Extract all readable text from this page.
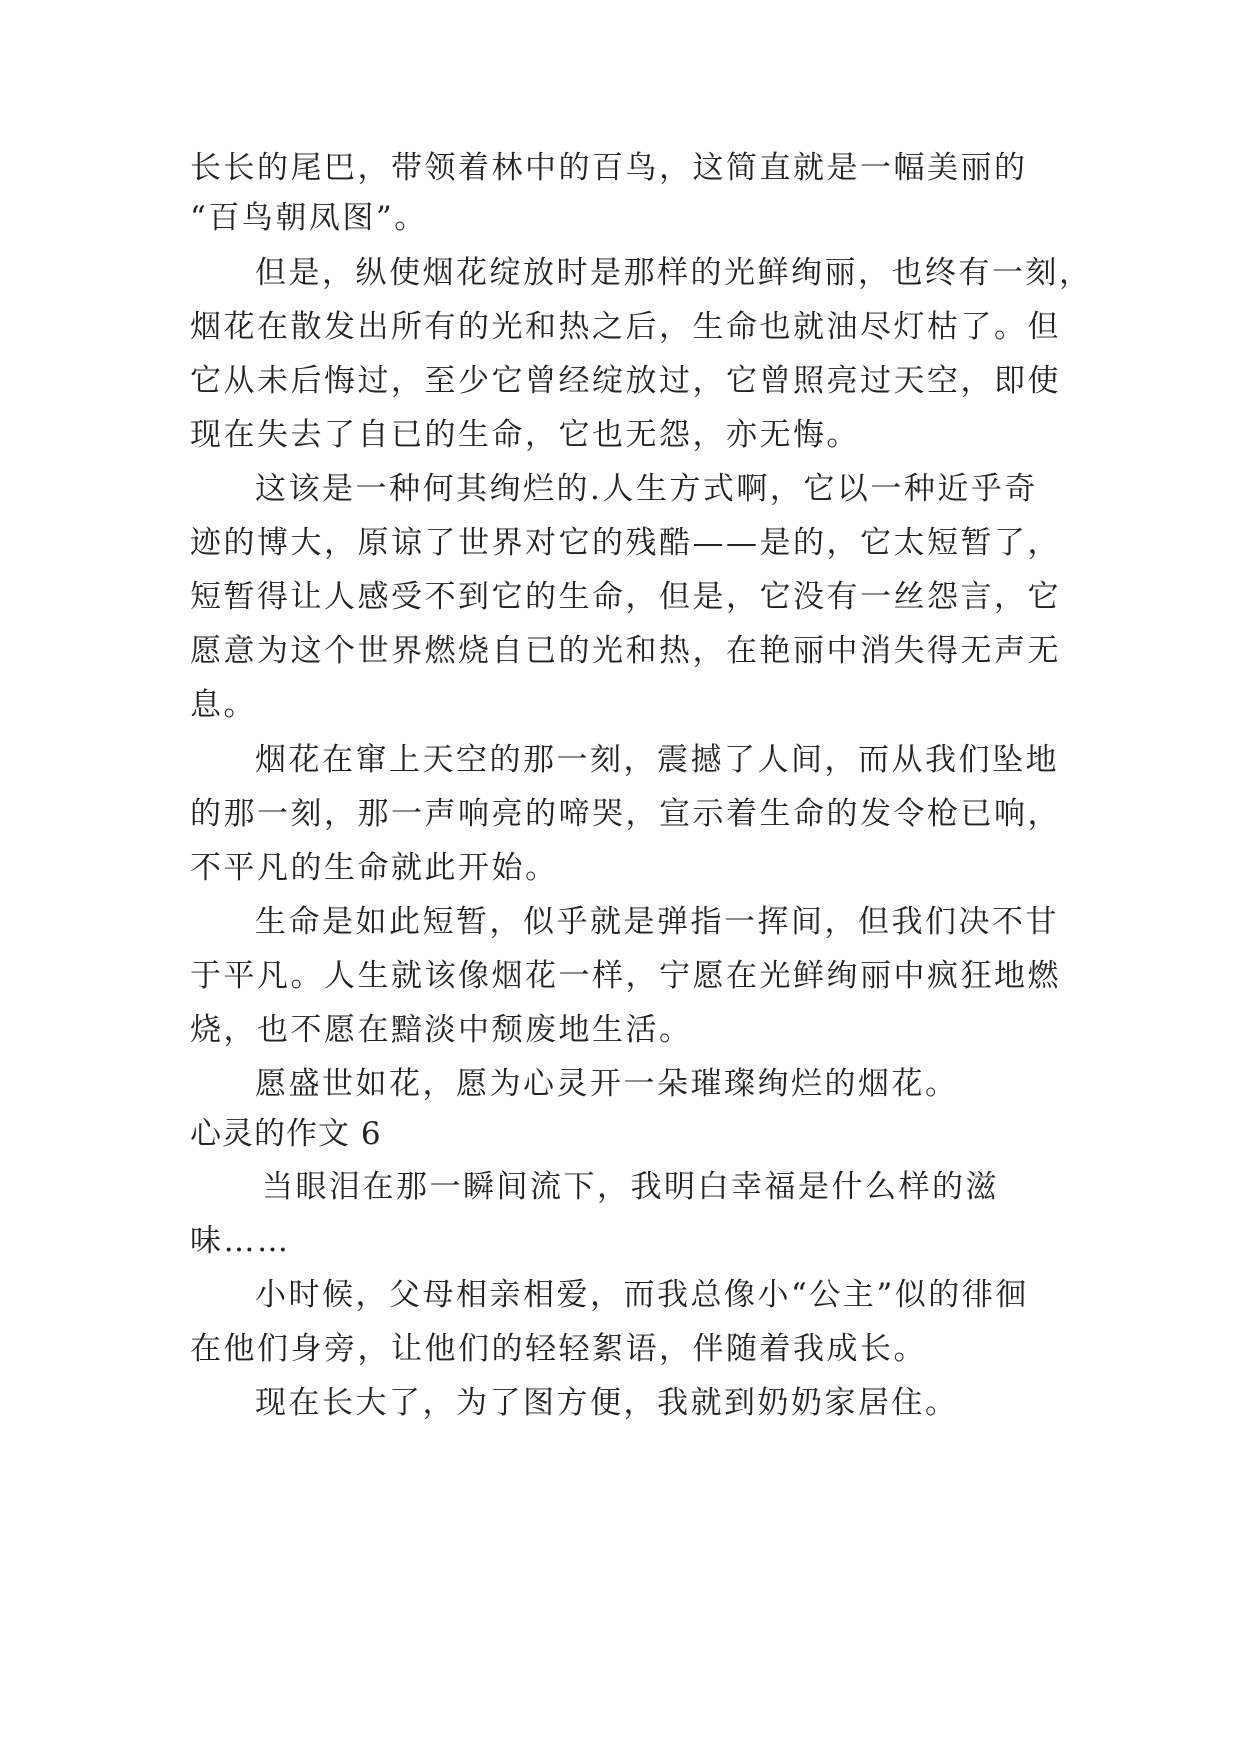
长长的尾巴，带领着林中的百鸟，这简直就是一幅美丽的
“百鸟朝凤图”。
但是，纵使烟花绽放时是那样的光鲜绚丽，也终有一刻，
烟花在散发出所有的光和热之后，生命也就油尽灯枯了。但
它从未后悔过，至少它曾经绽放过，它曾照亮过天空，即使
现在失去了自已的生命，它也无怨，亦无悔。
这该是一种何其绚烂的.人生方式啊，它以一种近乎奇
迹的博大，原谅了世界对它的残酷——是的，它太短暂了，
短暂得让人感受不到它的生命，但是，它没有一丝怨言，它
愿意为这个世界燃烧自已的光和热，在艳丽中消失得无声无
息。
烟花在窜上天空的那一刻，震撼了人间，而从我们坠地
的那一刻，那一声响亮的啼哭，宣示着生命的发令枪已响，
不平凡的生命就此开始。
生命是如此短暂，似乎就是弹指一挥间，但我们决不甘
于平凡。人生就该像烟花一样，宁愿在光鲜绚丽中疯狂地燃
烧，也不愿在黯淡中颓废地生活。
愿盛世如花，愿为心灵开一朵璀璨绚烂的烟花。
心灵的作文 6
当眼泪在那一瞬间流下，我明白幸福是什么样的滋
味……
小时候，父母相亲相爱，而我总像小“公主”似的徘徊
在他们身旁，让他们的轻轻絮语，伴随着我成长。
现在长大了，为了图方便，我就到奶奶家居住。
